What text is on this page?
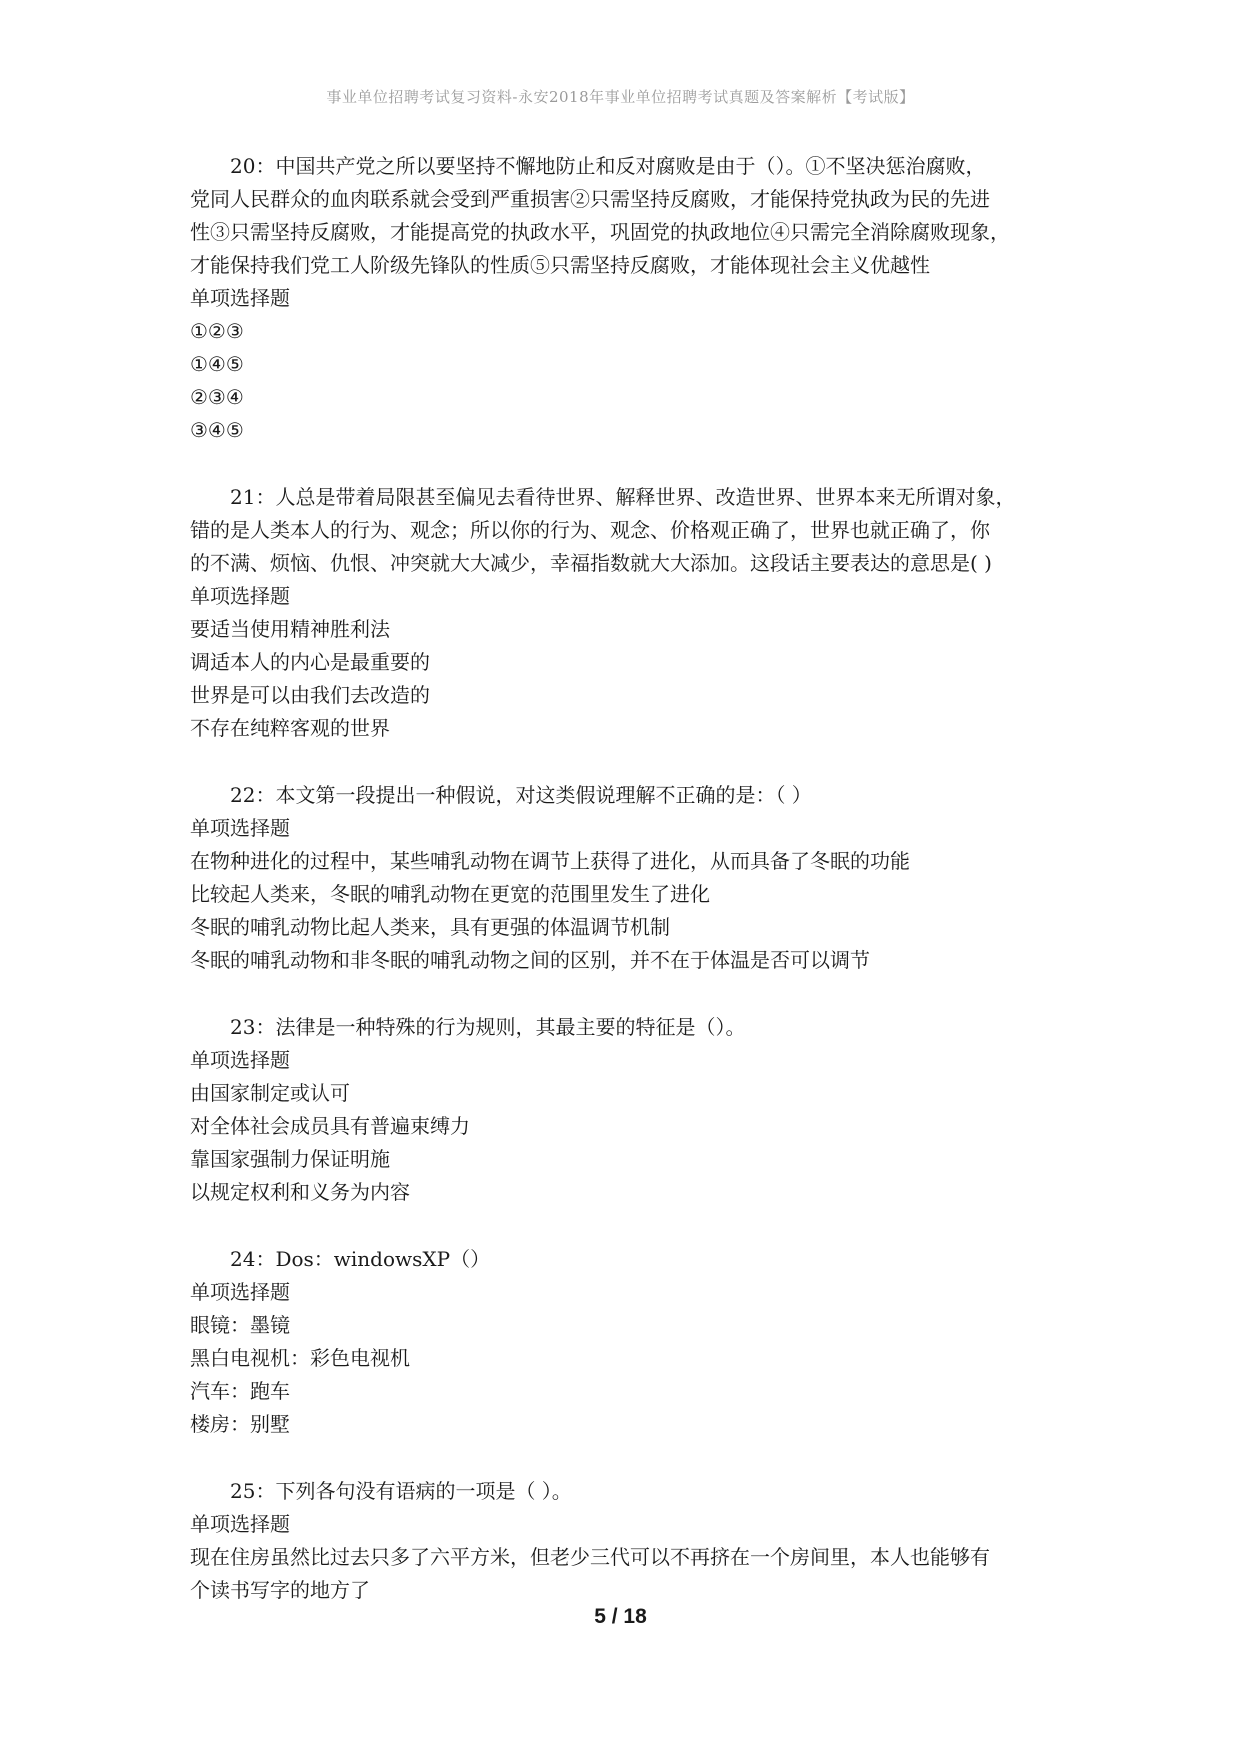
事业单位招聘考试复习资料-永安2018年事业单位招聘考试真题及答案解析【考试版】
20：中国共产党之所以要坚持不懈地防止和反对腐败是由于（）。①不坚决惩治腐败，
党同人民群众的血肉联系就会受到严重损害②只需坚持反腐败，才能保持党执政为民的先进
性③只需坚持反腐败，才能提高党的执政水平，巩固党的执政地位④只需完全消除腐败现象，
才能保持我们党工人阶级先锋队的性质⑤只需坚持反腐败，才能体现社会主义优越性
单项选择题
①②③
①④⑤
②③④
③④⑤
21：人总是带着局限甚至偏见去看待世界、解释世界、改造世界、世界本来无所谓对象，
错的是人类本人的行为、观念；所以你的行为、观念、价格观正确了，世界也就正确了，你
的不满、烦恼、仇恨、冲突就大大减少，幸福指数就大大添加。这段话主要表达的意思是( )
单项选择题
要适当使用精神胜利法
调适本人的内心是最重要的
世界是可以由我们去改造的
不存在纯粹客观的世界
22：本文第一段提出一种假说，对这类假说理解不正确的是：（ ）
单项选择题
在物种进化的过程中，某些哺乳动物在调节上获得了进化，从而具备了冬眠的功能
比较起人类来，冬眠的哺乳动物在更宽的范围里发生了进化
冬眠的哺乳动物比起人类来，具有更强的体温调节机制
冬眠的哺乳动物和非冬眠的哺乳动物之间的区别，并不在于体温是否可以调节
23：法律是一种特殊的行为规则，其最主要的特征是（）。
单项选择题
由国家制定或认可
对全体社会成员具有普遍束缚力
靠国家强制力保证明施
以规定权利和义务为内容
24：Dos：windowsXP（）
单项选择题
眼镜：墨镜
黑白电视机：彩色电视机
汽车：跑车
楼房：别墅
25：下列各句没有语病的一项是（ ）。
单项选择题
现在住房虽然比过去只多了六平方米，但老少三代可以不再挤在一个房间里，本人也能够有
个读书写字的地方了
5 / 18
